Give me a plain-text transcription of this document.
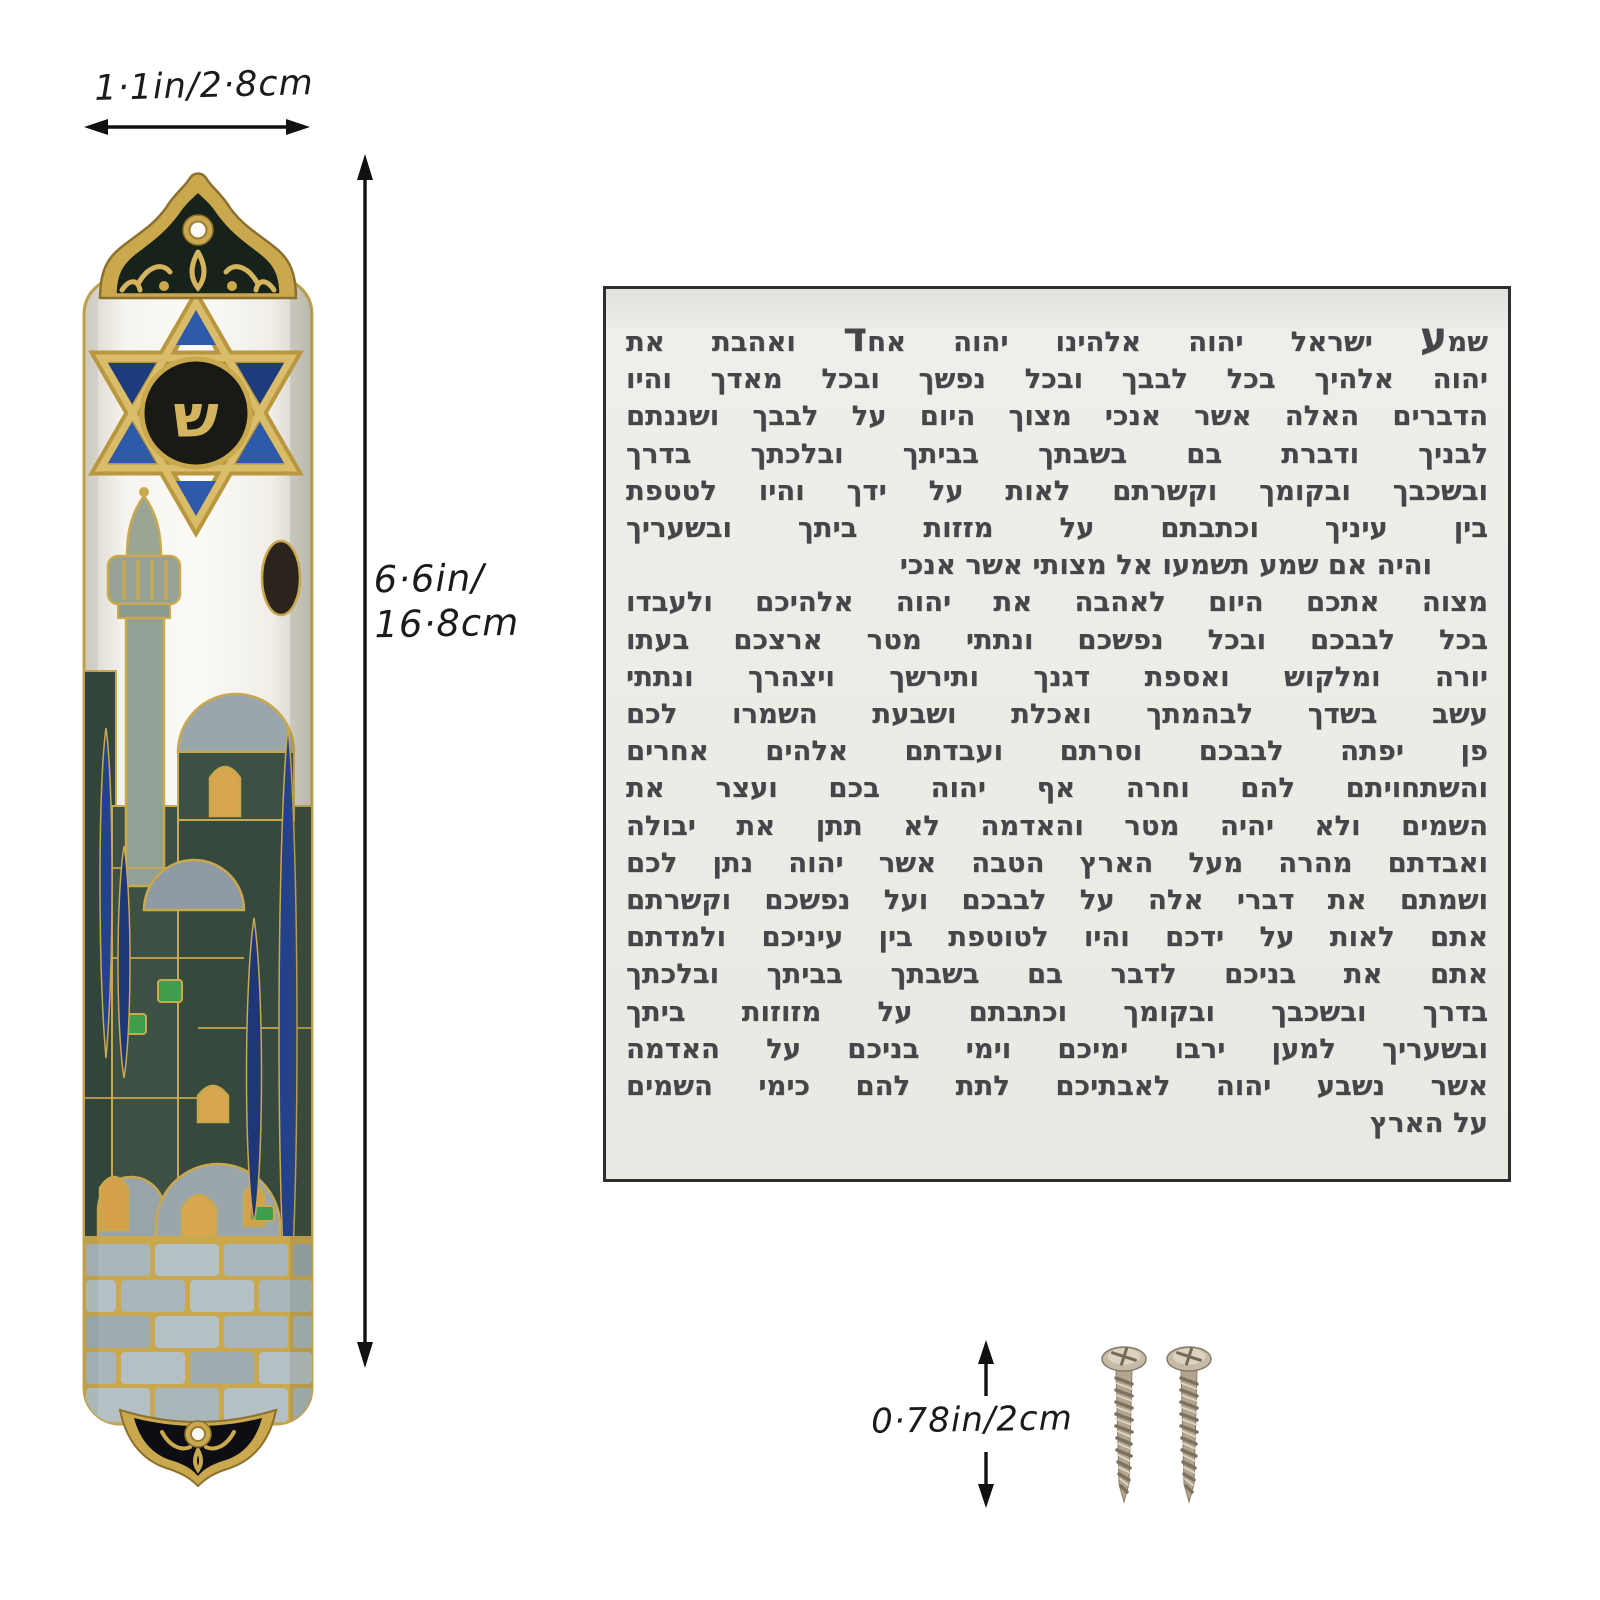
1·1in/2·8cm
6·6in/
16·8cm
ש
שמע ישראל יהוה אלהינו יהוה אחד ואהבת את
יהוה אלהיך בכל לבבך ובכל נפשך ובכל מאדך והיו
הדברים האלה אשר אנכי מצוך היום על לבבך ושננתם
לבניך ודברת בם בשבתך בביתך ובלכתך בדרך
ובשכבך ובקומך וקשרתם לאות על ידך והיו לטטפת
בין עיניך וכתבתם על מזזות ביתך ובשעריך
והיה אם שמע תשמעו אל מצותי אשר אנכי
מצוה אתכם היום לאהבה את יהוה אלהיכם ולעבדו
בכל לבבכם ובכל נפשכם ונתתי מטר ארצכם בעתו
יורה ומלקוש ואספת דגנך ותירשך ויצהרך ונתתי
עשב בשדך לבהמתך ואכלת ושבעת השמרו לכם
פן יפתה לבבכם וסרתם ועבדתם אלהים אחרים
והשתחויתם להם וחרה אף יהוה בכם ועצר את
השמים ולא יהיה מטר והאדמה לא תתן את יבולה
ואבדתם מהרה מעל הארץ הטבה אשר יהוה נתן לכם
ושמתם את דברי אלה על לבבכם ועל נפשכם וקשרתם
אתם לאות על ידכם והיו לטוטפת בין עיניכם ולמדתם
אתם את בניכם לדבר בם בשבתך בביתך ובלכתך
בדרך ובשכבך ובקומך וכתבתם על מזוזות ביתך
ובשעריך למען ירבו ימיכם וימי בניכם על האדמה
אשר נשבע יהוה לאבתיכם לתת להם כימי השמים
על הארץ
0·78in/2cm
